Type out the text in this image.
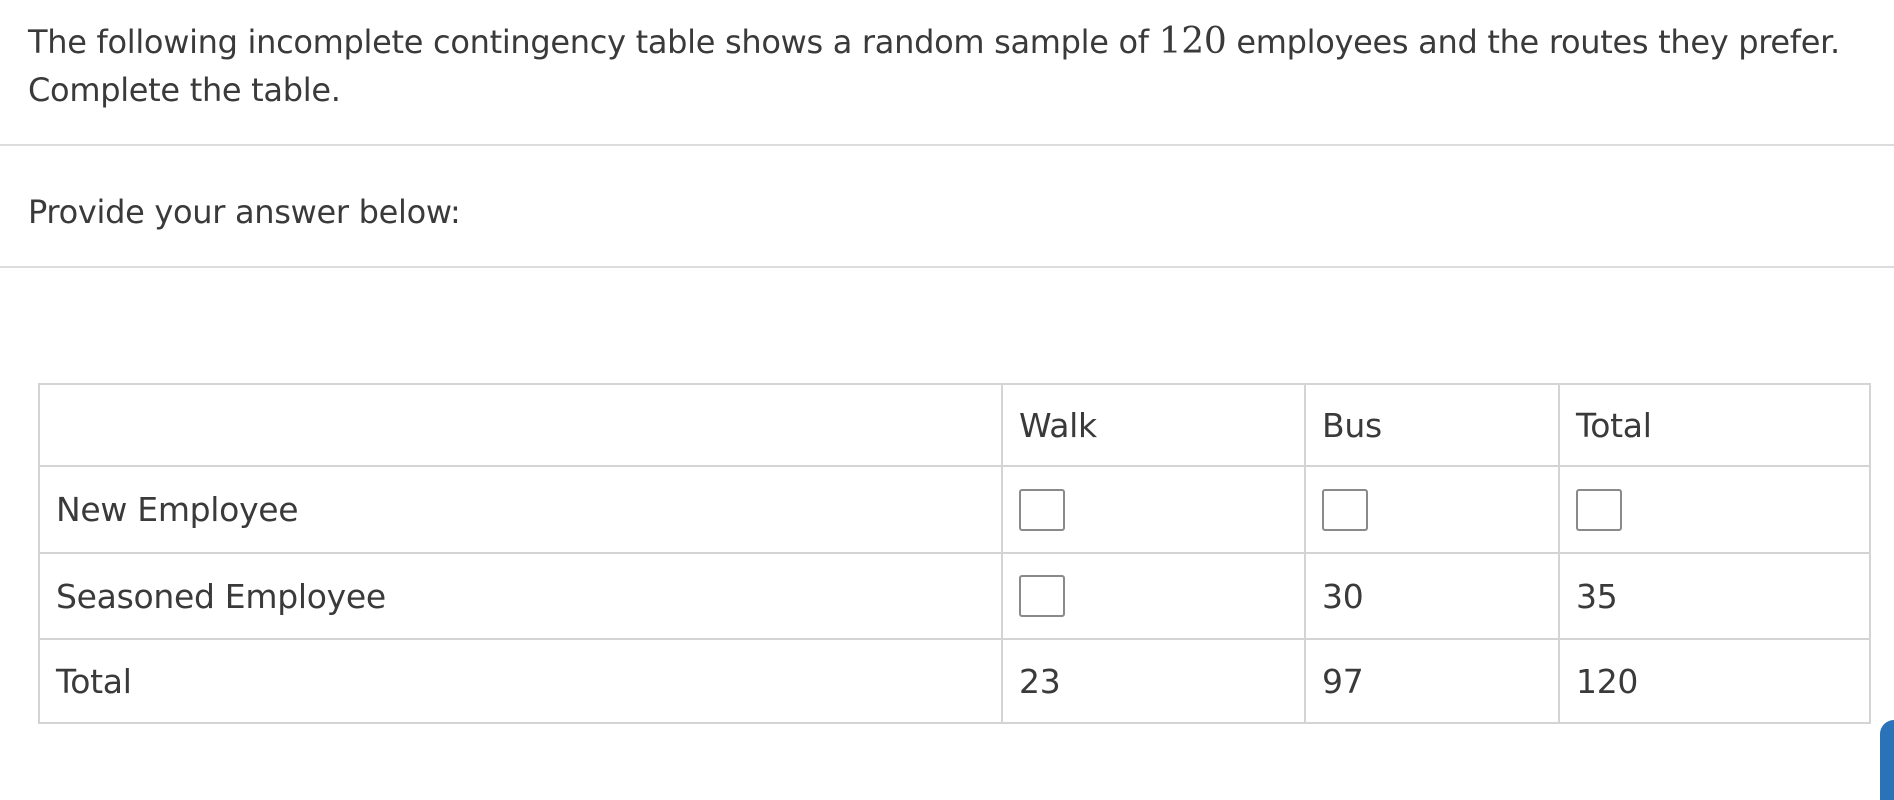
The following incomplete contingency table shows a random sample of 120 employees and the routes they prefer. Complete the table.
Provide your answer below:
	Walk	Bus	Total
New Employee			
Seasoned Employee		30	35
Total	23	97	120
